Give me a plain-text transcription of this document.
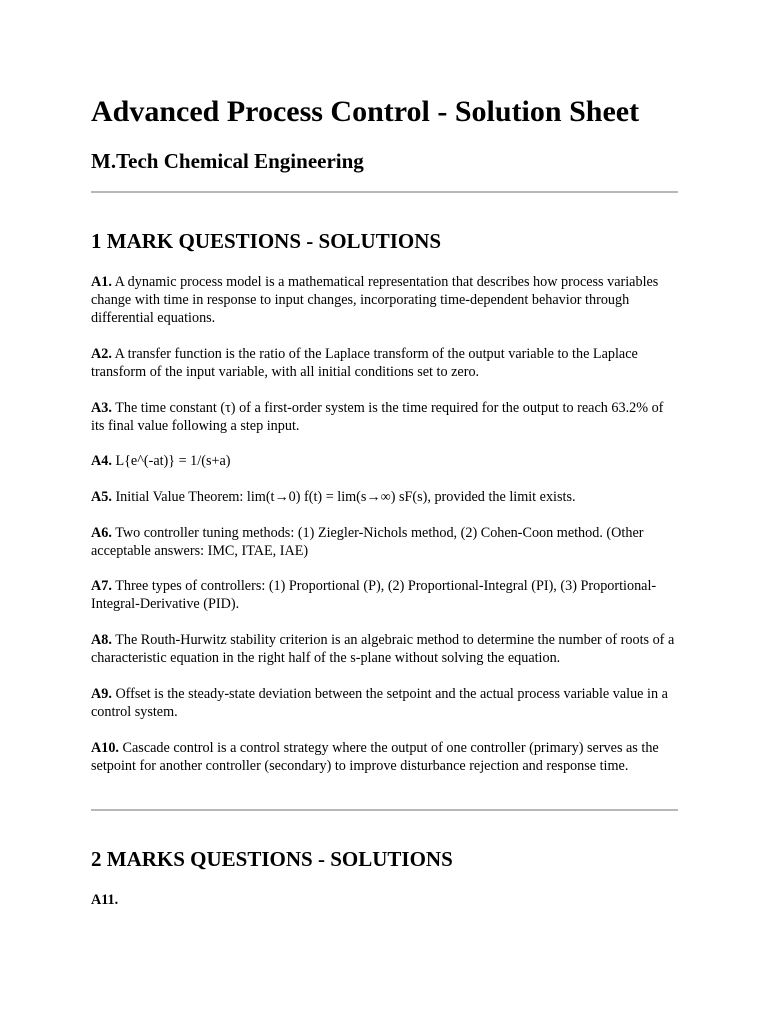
Advanced Process Control - Solution Sheet
M.Tech Chemical Engineering
1 MARK QUESTIONS - SOLUTIONS

A1. A dynamic process model is a mathematical representation that describes how process variables change with time in response to input changes, incorporating time-dependent behavior through differential equations.

A2. A transfer function is the ratio of the Laplace transform of the output variable to the Laplace transform of the input variable, with all initial conditions set to zero.

A3. The time constant (τ) of a first-order system is the time required for the output to reach 63.2% of its final value following a step input.

A4. L{e^(-at)} = 1/(s+a)

A5. Initial Value Theorem: lim(t→0) f(t) = lim(s→∞) sF(s), provided the limit exists.

A6. Two controller tuning methods: (1) Ziegler-Nichols method, (2) Cohen-Coon method. (Other acceptable answers: IMC, ITAE, IAE)

A7. Three types of controllers: (1) Proportional (P), (2) Proportional-Integral (PI), (3) Proportional-Integral-Derivative (PID).

A8. The Routh-Hurwitz stability criterion is an algebraic method to determine the number of roots of a characteristic equation in the right half of the s-plane without solving the equation.

A9. Offset is the steady-state deviation between the setpoint and the actual process variable value in a control system.

A10. Cascade control is a control strategy where the output of one controller (primary) serves as the setpoint for another controller (secondary) to improve disturbance rejection and response time.

2 MARKS QUESTIONS - SOLUTIONS

A11.
